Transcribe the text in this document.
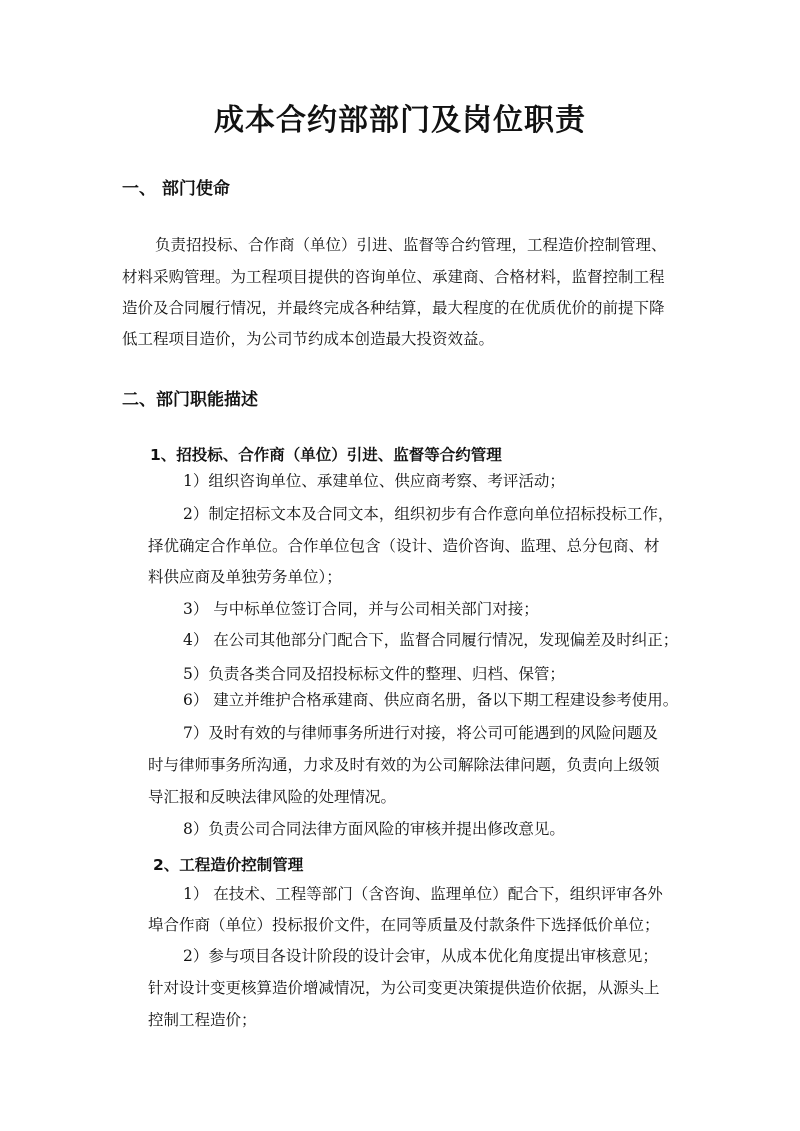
成本合约部部门及岗位职责
一、 部门使命
负责招投标、合作商（单位）引进、监督等合约管理，工程造价控制管理、
材料采购管理。为工程项目提供的咨询单位、承建商、合格材料，监督控制工程
造价及合同履行情况，并最终完成各种结算，最大程度的在优质优价的前提下降
低工程项目造价，为公司节约成本创造最大投资效益。
二、部门职能描述
1、招投标、合作商（单位）引进、监督等合约管理
1）组织咨询单位、承建单位、供应商考察、考评活动；
2）制定招标文本及合同文本，组织初步有合作意向单位招标投标工作，
择优确定合作单位。合作单位包含（设计、造价咨询、监理、总分包商、材
料供应商及单独劳务单位）；
3） 与中标单位签订合同，并与公司相关部门对接；
4） 在公司其他部分门配合下，监督合同履行情况，发现偏差及时纠正；
5）负责各类合同及招投标标文件的整理、归档、保管；
6） 建立并维护合格承建商、供应商名册，备以下期工程建设参考使用。
7）及时有效的与律师事务所进行对接，将公司可能遇到的风险问题及
时与律师事务所沟通，力求及时有效的为公司解除法律问题，负责向上级领
导汇报和反映法律风险的处理情况。
8）负责公司合同法律方面风险的审核并提出修改意见。
2、工程造价控制管理
1） 在技术、工程等部门（含咨询、监理单位）配合下，组织评审各外
埠合作商（单位）投标报价文件，在同等质量及付款条件下选择低价单位；
2）参与项目各设计阶段的设计会审，从成本优化角度提出审核意见；
针对设计变更核算造价增减情况，为公司变更决策提供造价依据，从源头上
控制工程造价；
